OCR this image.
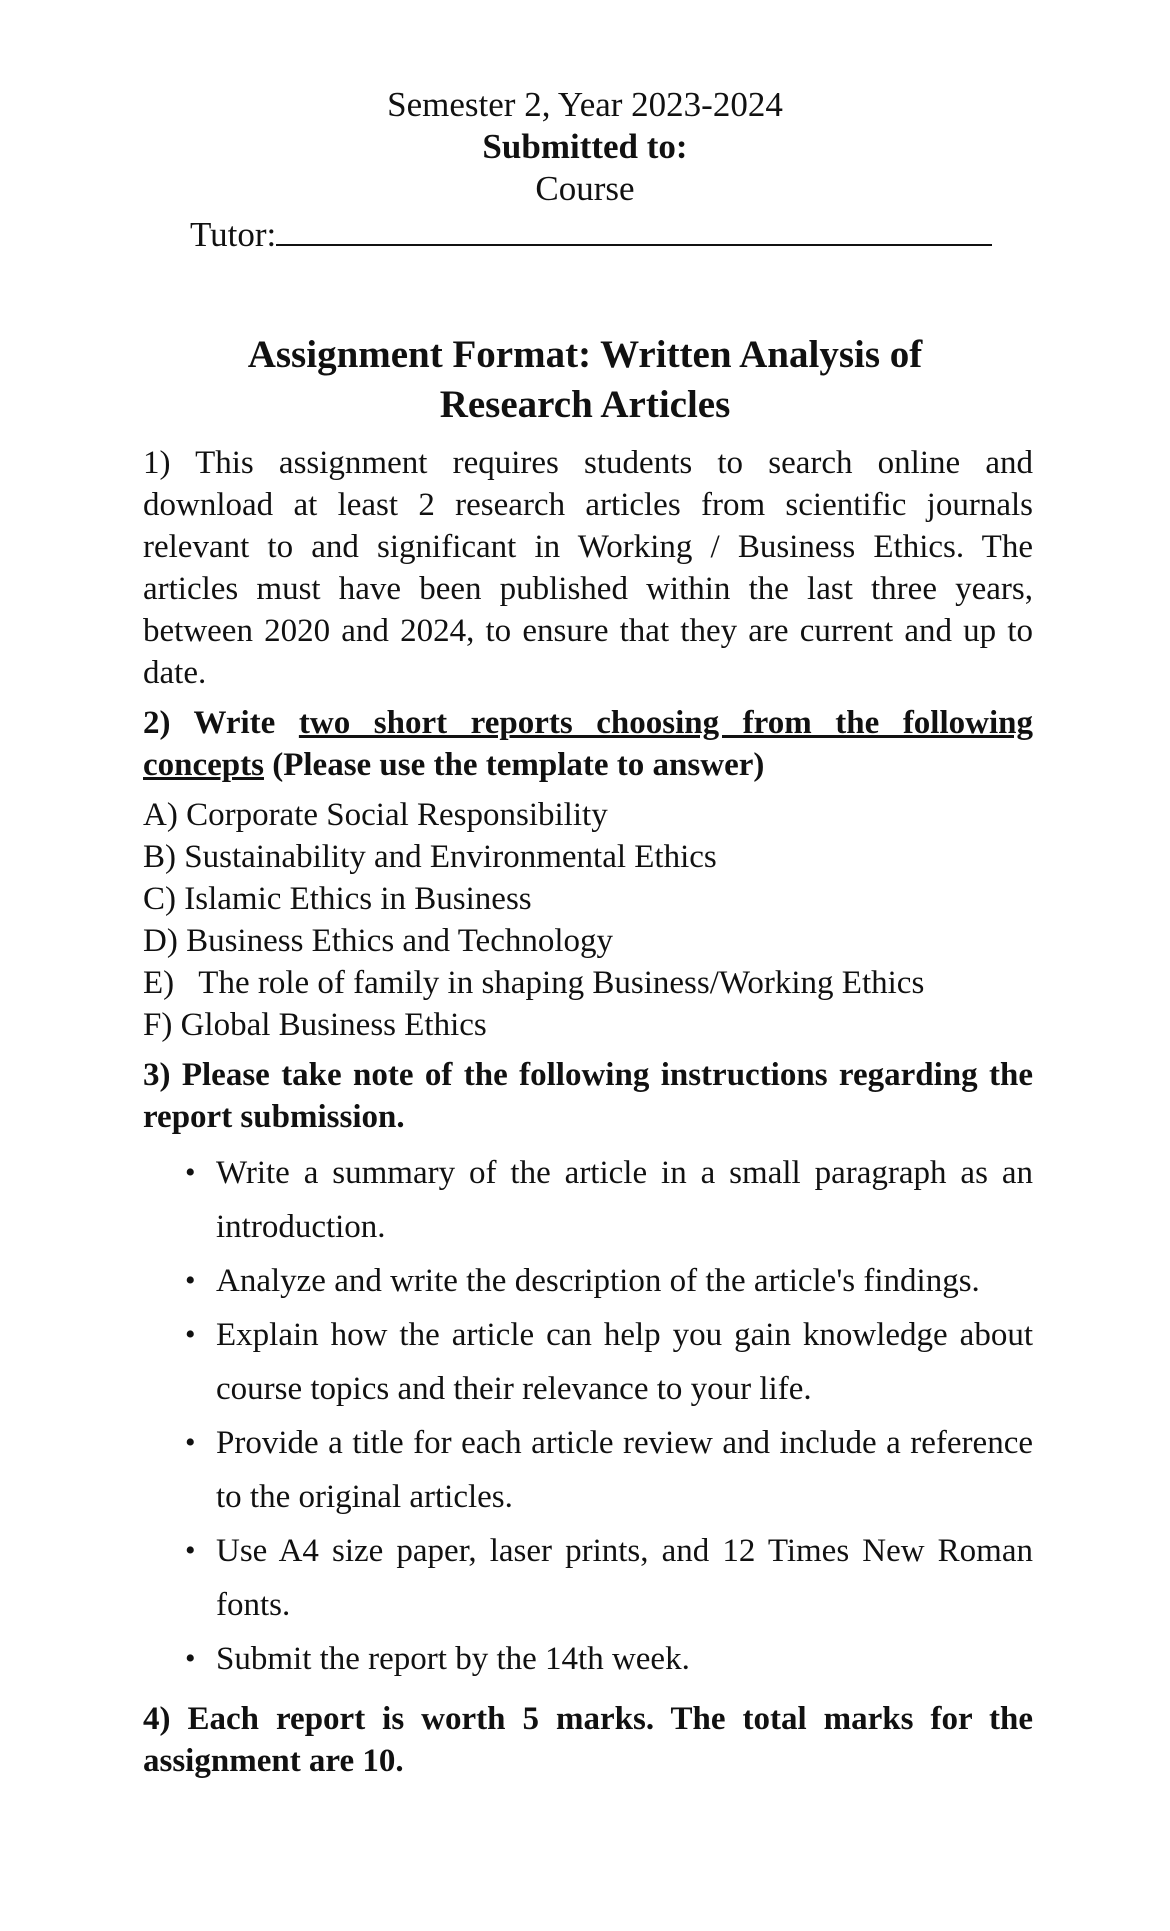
Semester 2, Year 2023-2024
Submitted to:
Course
Tutor:
Assignment Format: Written Analysis of
Research Articles

1) This assignment requires students to search online and download at least 2 research articles from scientific journals relevant to and significant in Working / Business Ethics. The articles must have been published within the last three years, between 2020 and 2024, to ensure that they are current and up to date.

2) Write two short reports choosing from the following concepts (Please use the template to answer)

A) Corporate Social Responsibility
B) Sustainability and Environmental Ethics
C) Islamic Ethics in Business
D) Business Ethics and Technology
E)   The role of family in shaping Business/Working Ethics
F) Global Business Ethics

3) Please take note of the following instructions regarding the report submission.

• Write a summary of the article in a small paragraph as an introduction.
• Analyze and write the description of the article's findings.
• Explain how the article can help you gain knowledge about course topics and their relevance to your life.
• Provide a title for each article review and include a reference to the original articles.
• Use A4 size paper, laser prints, and 12 Times New Roman fonts.
• Submit the report by the 14th week.

4) Each report is worth 5 marks. The total marks for the assignment are 10.
